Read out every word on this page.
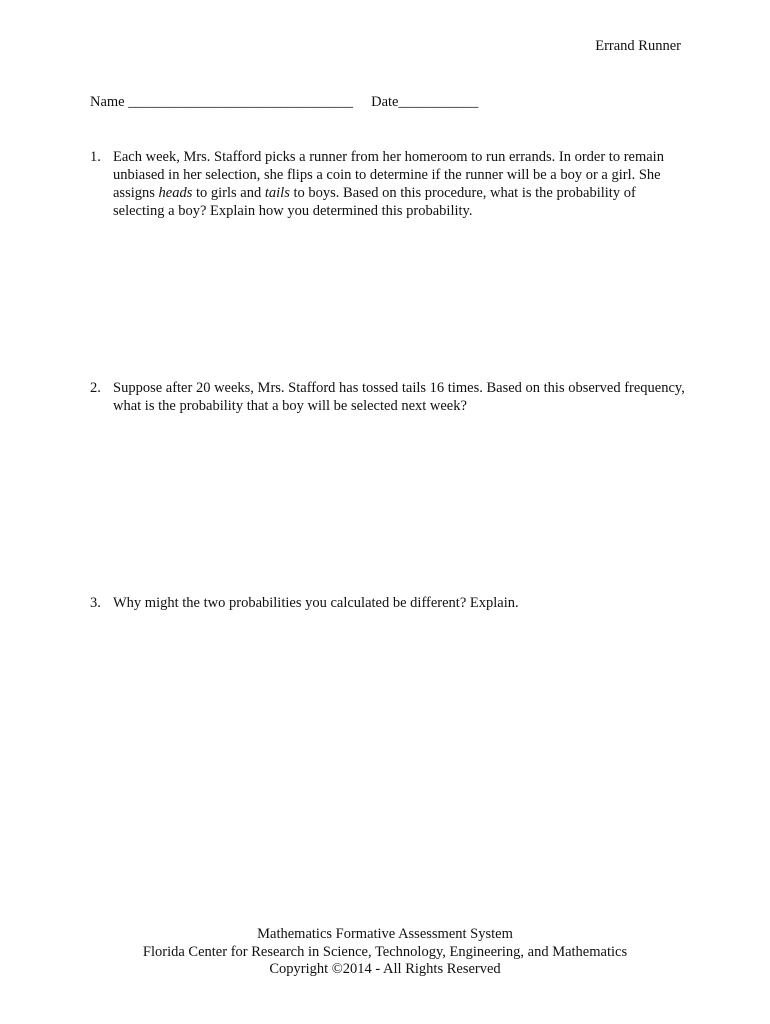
Errand Runner
Name _______________________________ Date___________
1. Each week, Mrs. Stafford picks a runner from her homeroom to run errands. In order to remain unbiased in her selection, she flips a coin to determine if the runner will be a boy or a girl. She assigns heads to girls and tails to boys. Based on this procedure, what is the probability of selecting a boy? Explain how you determined this probability.
2. Suppose after 20 weeks, Mrs. Stafford has tossed tails 16 times. Based on this observed frequency, what is the probability that a boy will be selected next week?
3. Why might the two probabilities you calculated be different? Explain.
Mathematics Formative Assessment System
Florida Center for Research in Science, Technology, Engineering, and Mathematics
Copyright ©2014 - All Rights Reserved
